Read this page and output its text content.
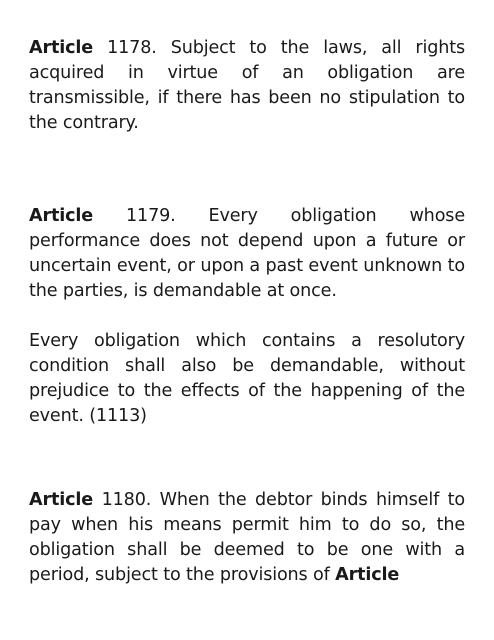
Article 1178. Subject to the laws, all rights acquired in virtue of an obligation are transmissible, if there has been no stipulation to the contrary.

Article 1179. Every obligation whose performance does not depend upon a future or uncertain event, or upon a past event unknown to the parties, is demandable at once.

Every obligation which contains a resolutory condition shall also be demandable, without prejudice to the effects of the happening of the event. (1113)

Article 1180. When the debtor binds himself to pay when his means permit him to do so, the obligation shall be deemed to be one with a period, subject to the provisions of Article
